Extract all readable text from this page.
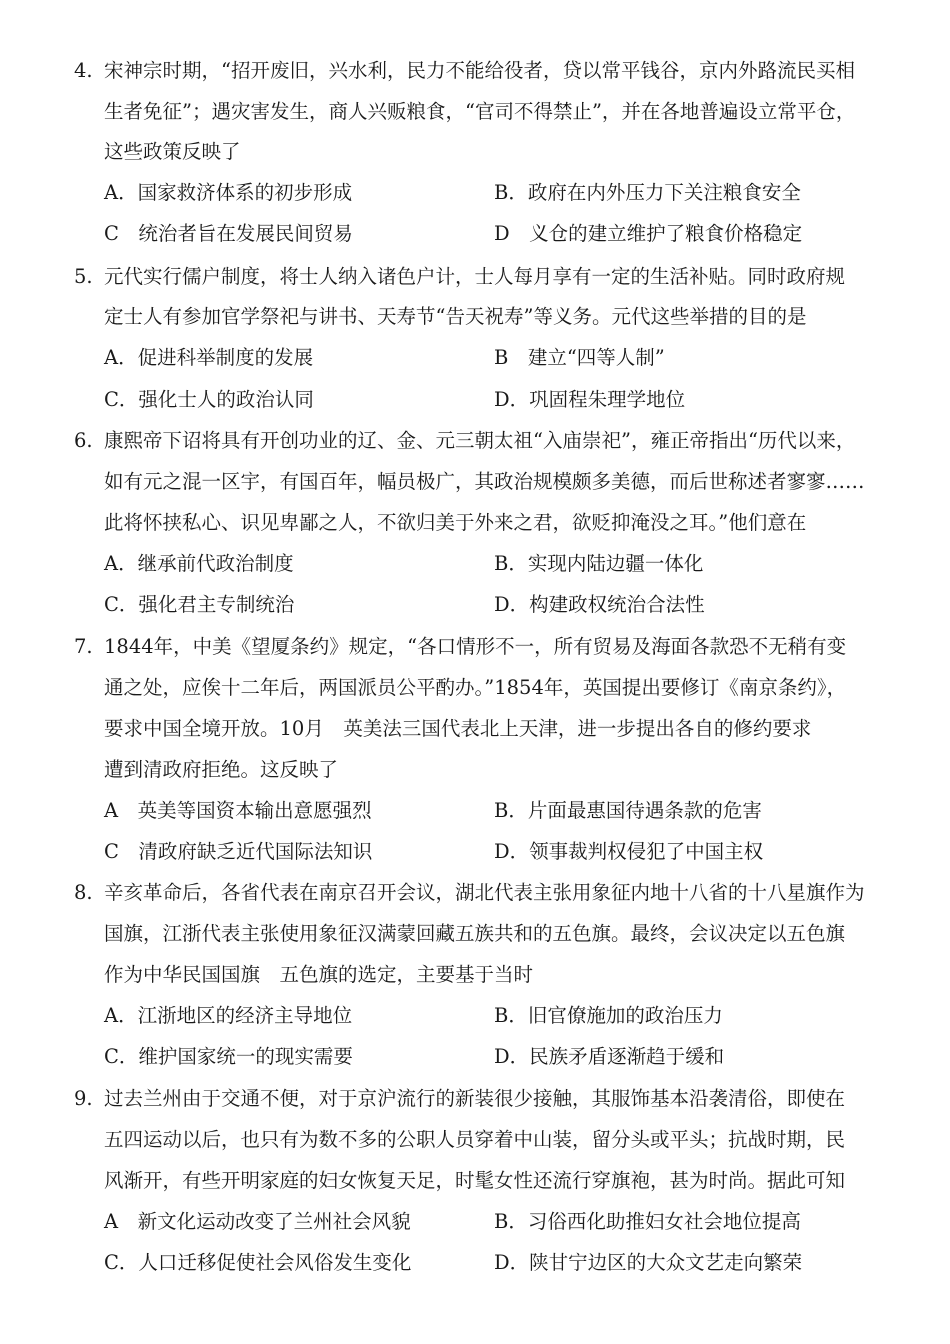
4. 宋神宗时期，“招开废旧，兴水利，民力不能给役者，贷以常平钱谷，京内外路流民买相
生者免征”；遇灾害发生，商人兴贩粮食，“官司不得禁止”，并在各地普遍设立常平仓，
这些政策反映了
A．国家救济体系的初步形成	B．政府在内外压力下关注粮食安全
C　统治者旨在发展民间贸易	D　义仓的建立维护了粮食价格稳定
5. 元代实行儒户制度，将士人纳入诸色户计，士人每月享有一定的生活补贴。同时政府规
定士人有参加官学祭祀与讲书、天寿节“告天祝寿”等义务。元代这些举措的目的是
A．促进科举制度的发展	B　建立“四等人制”
C．强化士人的政治认同	D．巩固程朱理学地位
6. 康熙帝下诏将具有开创功业的辽、金、元三朝太祖“入庙崇祀”，雍正帝指出“历代以来，
如有元之混一区宇，有国百年，幅员极广，其政治规模颇多美德，而后世称述者寥寥……
此将怀挟私心、识见卑鄙之人，不欲归美于外来之君，欲贬抑淹没之耳。”他们意在
A．继承前代政治制度	B．实现内陆边疆一体化
C．强化君主专制统治	D．构建政权统治合法性
7. 1844年，中美《望厦条约》规定，“各口情形不一，所有贸易及海面各款恐不无稍有变
通之处，应俟十二年后，两国派员公平酌办。”1854年，英国提出要修订《南京条约》，
要求中国全境开放。10月　英美法三国代表北上天津，进一步提出各自的修约要求
遭到清政府拒绝。这反映了
A　英美等国资本输出意愿强烈	B．片面最惠国待遇条款的危害
C　清政府缺乏近代国际法知识	D．领事裁判权侵犯了中国主权
8. 辛亥革命后，各省代表在南京召开会议，湖北代表主张用象征内地十八省的十八星旗作为
国旗，江浙代表主张使用象征汉满蒙回藏五族共和的五色旗。最终，会议决定以五色旗
作为中华民国国旗　五色旗的选定，主要基于当时
A．江浙地区的经济主导地位	B．旧官僚施加的政治压力
C．维护国家统一的现实需要	D．民族矛盾逐渐趋于缓和
9. 过去兰州由于交通不便，对于京沪流行的新装很少接触，其服饰基本沿袭清俗，即使在
五四运动以后，也只有为数不多的公职人员穿着中山装，留分头或平头；抗战时期，民
风渐开，有些开明家庭的妇女恢复天足，时髦女性还流行穿旗袍，甚为时尚。据此可知
A　新文化运动改变了兰州社会风貌	B．习俗西化助推妇女社会地位提高
C．人口迁移促使社会风俗发生变化	D．陕甘宁边区的大众文艺走向繁荣
